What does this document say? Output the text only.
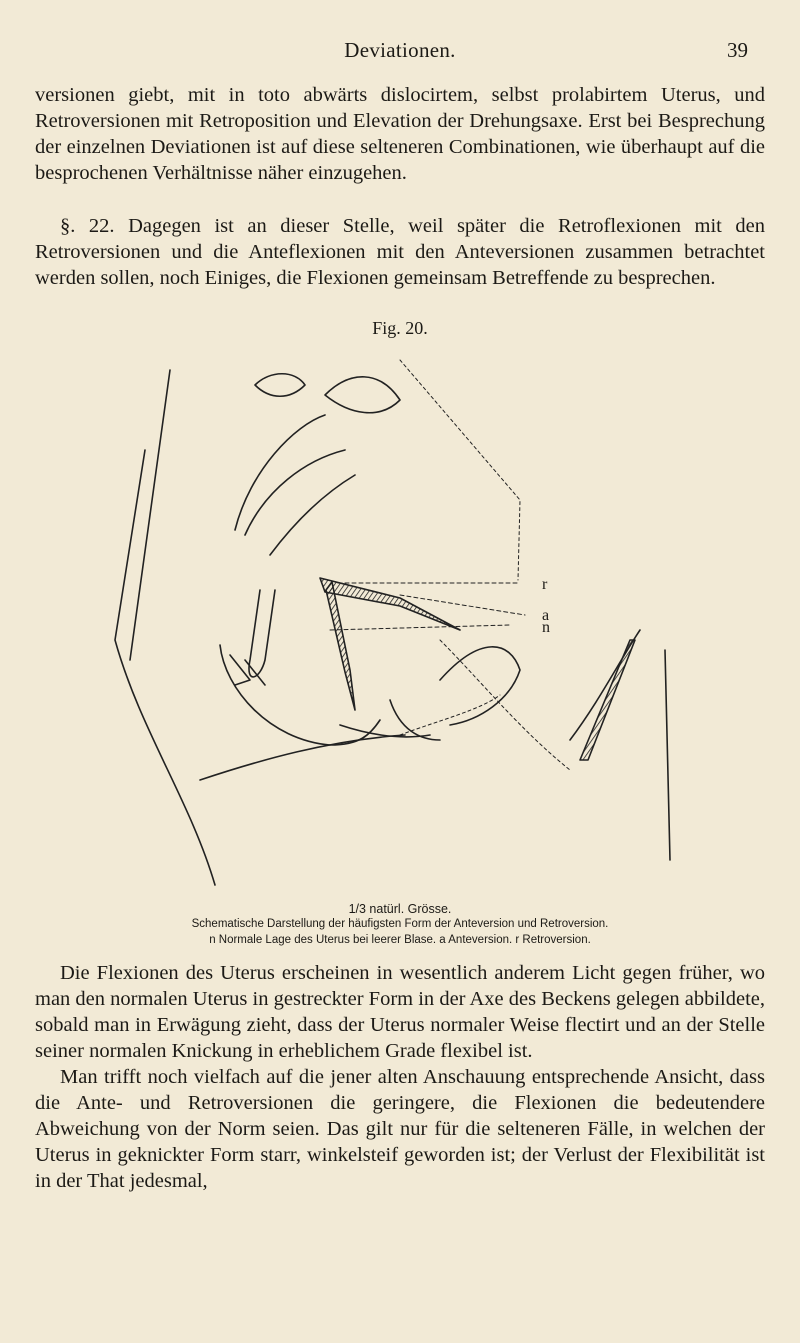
Deviationen.	39

versionen giebt, mit in toto abwärts dislocirtem, selbst prolabirtem Uterus, und Retroversionen mit Retroposition und Elevation der Drehungsaxe. Erst bei Besprechung der einzelnen Deviationen ist auf diese selteneren Combinationen, wie überhaupt auf die besprochenen Verhältnisse näher einzugehen.

§. 22. Dagegen ist an dieser Stelle, weil später die Retroflexionen mit den Retroversionen und die Anteflexionen mit den Anteversionen zusammen betrachtet werden sollen, noch Einiges, die Flexionen gemeinsam Betreffende zu besprechen.

Fig. 20.
r
a
n
1/3 natürl. Grösse.
Schematische Darstellung der häufigsten Form der Anteversion und Retroversion.
n Normale Lage des Uterus bei leerer Blase. a Anteversion. r Retroversion.

Die Flexionen des Uterus erscheinen in wesentlich anderem Licht gegen früher, wo man den normalen Uterus in gestreckter Form in der Axe des Beckens gelegen abbildete, sobald man in Erwägung zieht, dass der Uterus normaler Weise flectirt und an der Stelle seiner normalen Knickung in erheblichem Grade flexibel ist.

Man trifft noch vielfach auf die jener alten Anschauung entsprechende Ansicht, dass die Ante- und Retroversionen die geringere, die Flexionen die bedeutendere Abweichung von der Norm seien. Das gilt nur für die selteneren Fälle, in welchen der Uterus in geknickter Form starr, winkelsteif geworden ist; der Verlust der Flexibilität ist in der That jedesmal,
